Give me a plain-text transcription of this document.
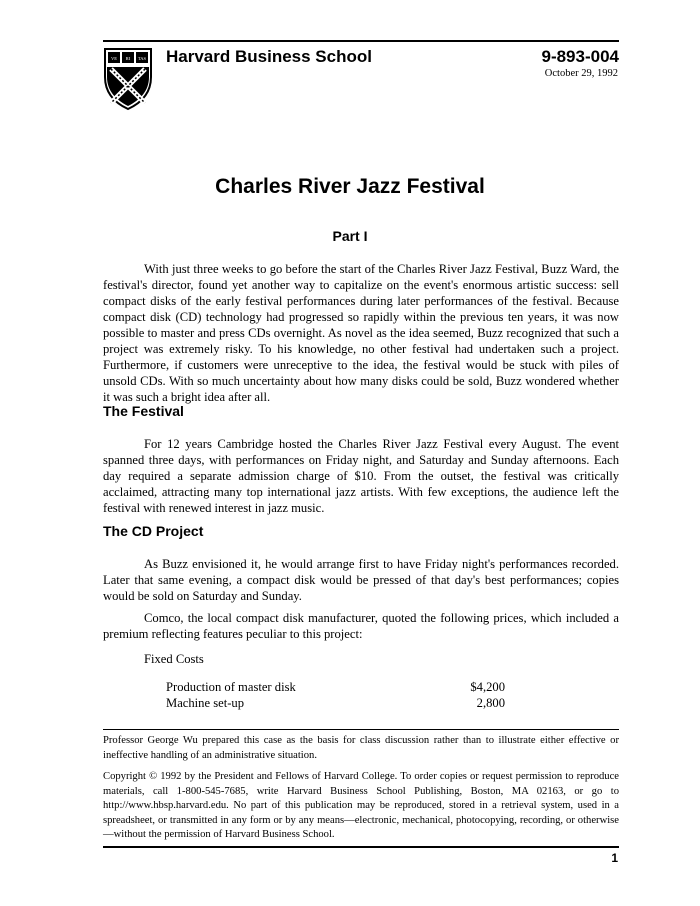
VE RI TAS Harvard Business School	9-893-004
October 29, 1992
Charles River Jazz Festival
Part I

With just three weeks to go before the start of the Charles River Jazz Festival, Buzz Ward, the festival's director, found yet another way to capitalize on the event's enormous artistic success: sell compact disks of the early festival performances during later performances of the festival. Because compact disk (CD) technology had progressed so rapidly within the previous ten years, it was now possible to master and press CDs overnight. As novel as the idea seemed, Buzz recognized that such a project was extremely risky. To his knowledge, no other festival had undertaken such a project. Furthermore, if customers were unreceptive to the idea, the festival would be stuck with piles of unsold CDs. With so much uncertainty about how many disks could be sold, Buzz wondered whether it was such a bright idea after all.

The Festival

For 12 years Cambridge hosted the Charles River Jazz Festival every August. The event spanned three days, with performances on Friday night, and Saturday and Sunday afternoons. Each day required a separate admission charge of $10. From the outset, the festival was critically acclaimed, attracting many top international jazz artists. With few exceptions, the audience left the festival with renewed interest in jazz music.

The CD Project

As Buzz envisioned it, he would arrange first to have Friday night's performances recorded. Later that same evening, a compact disk would be pressed of that day's best performances; copies would be sold on Saturday and Sunday.

Comco, the local compact disk manufacturer, quoted the following prices, which included a premium reflecting features peculiar to this project:

Fixed Costs
Production of master disk	$4,200
Machine set-up	2,800

Professor George Wu prepared this case as the basis for class discussion rather than to illustrate either effective or ineffective handling of an administrative situation.

Copyright © 1992 by the President and Fellows of Harvard College. To order copies or request permission to reproduce materials, call 1-800-545-7685, write Harvard Business School Publishing, Boston, MA 02163, or go to http://www.hbsp.harvard.edu. No part of this publication may be reproduced, stored in a retrieval system, used in a spreadsheet, or transmitted in any form or by any means—electronic, mechanical, photocopying, recording, or otherwise—without the permission of Harvard Business School.

1
